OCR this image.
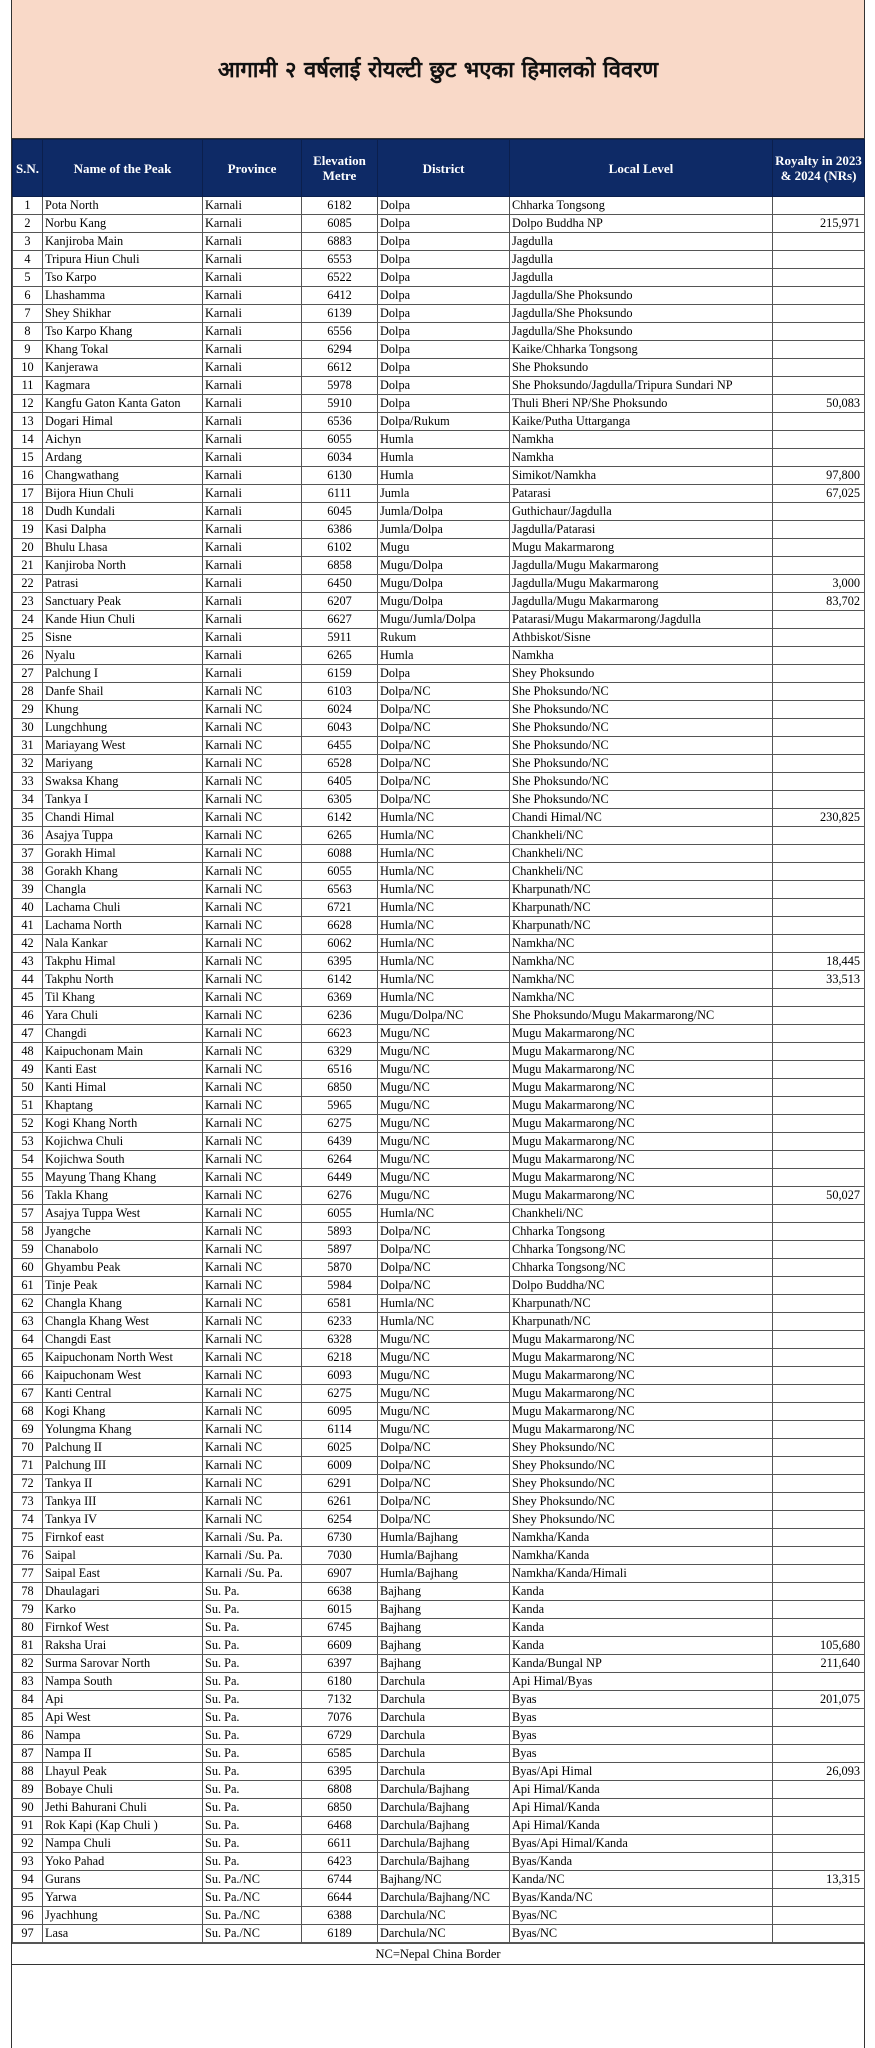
आगामी २ वर्षलाई रोयल्टी छुट भएका हिमालको विवरण
S.N.	Name of the Peak	Province	Elevation Metre	District	Local Level	Royalty in 2023 & 2024 (NRs)
1	Pota North	Karnali	6182	Dolpa	Chharka Tongsong	
2	Norbu Kang	Karnali	6085	Dolpa	Dolpo Buddha NP	215,971
3	Kanjiroba Main	Karnali	6883	Dolpa	Jagdulla	
4	Tripura Hiun Chuli	Karnali	6553	Dolpa	Jagdulla	
5	Tso Karpo	Karnali	6522	Dolpa	Jagdulla	
6	Lhashamma	Karnali	6412	Dolpa	Jagdulla/She Phoksundo	
7	Shey Shikhar	Karnali	6139	Dolpa	Jagdulla/She Phoksundo	
8	Tso Karpo Khang	Karnali	6556	Dolpa	Jagdulla/She Phoksundo	
9	Khang Tokal	Karnali	6294	Dolpa	Kaike/Chharka Tongsong	
10	Kanjerawa	Karnali	6612	Dolpa	She Phoksundo	
11	Kagmara	Karnali	5978	Dolpa	She Phoksundo/Jagdulla/Tripura Sundari NP	
12	Kangfu Gaton Kanta Gaton	Karnali	5910	Dolpa	Thuli Bheri NP/She Phoksundo	50,083
13	Dogari Himal	Karnali	6536	Dolpa/Rukum	Kaike/Putha Uttarganga	
14	Aichyn	Karnali	6055	Humla	Namkha	
15	Ardang	Karnali	6034	Humla	Namkha	
16	Changwathang	Karnali	6130	Humla	Simikot/Namkha	97,800
17	Bijora Hiun Chuli	Karnali	6111	Jumla	Patarasi	67,025
18	Dudh Kundali	Karnali	6045	Jumla/Dolpa	Guthichaur/Jagdulla	
19	Kasi Dalpha	Karnali	6386	Jumla/Dolpa	Jagdulla/Patarasi	
20	Bhulu Lhasa	Karnali	6102	Mugu	Mugu Makarmarong	
21	Kanjiroba North	Karnali	6858	Mugu/Dolpa	Jagdulla/Mugu Makarmarong	
22	Patrasi	Karnali	6450	Mugu/Dolpa	Jagdulla/Mugu Makarmarong	3,000
23	Sanctuary Peak	Karnali	6207	Mugu/Dolpa	Jagdulla/Mugu Makarmarong	83,702
24	Kande Hiun Chuli	Karnali	6627	Mugu/Jumla/Dolpa	Patarasi/Mugu Makarmarong/Jagdulla	
25	Sisne	Karnali	5911	Rukum	Athbiskot/Sisne	
26	Nyalu	Karnali	6265	Humla	Namkha	
27	Palchung I	Karnali	6159	Dolpa	Shey Phoksundo	
28	Danfe Shail	Karnali NC	6103	Dolpa/NC	She Phoksundo/NC	
29	Khung	Karnali NC	6024	Dolpa/NC	She Phoksundo/NC	
30	Lungchhung	Karnali NC	6043	Dolpa/NC	She Phoksundo/NC	
31	Mariayang West	Karnali NC	6455	Dolpa/NC	She Phoksundo/NC	
32	Mariyang	Karnali NC	6528	Dolpa/NC	She Phoksundo/NC	
33	Swaksa Khang	Karnali NC	6405	Dolpa/NC	She Phoksundo/NC	
34	Tankya I	Karnali NC	6305	Dolpa/NC	She Phoksundo/NC	
35	Chandi Himal	Karnali NC	6142	Humla/NC	Chandi Himal/NC	230,825
36	Asajya Tuppa	Karnali NC	6265	Humla/NC	Chankheli/NC	
37	Gorakh Himal	Karnali NC	6088	Humla/NC	Chankheli/NC	
38	Gorakh Khang	Karnali NC	6055	Humla/NC	Chankheli/NC	
39	Changla	Karnali NC	6563	Humla/NC	Kharpunath/NC	
40	Lachama Chuli	Karnali NC	6721	Humla/NC	Kharpunath/NC	
41	Lachama North	Karnali NC	6628	Humla/NC	Kharpunath/NC	
42	Nala Kankar	Karnali NC	6062	Humla/NC	Namkha/NC	
43	Takphu Himal	Karnali NC	6395	Humla/NC	Namkha/NC	18,445
44	Takphu North	Karnali NC	6142	Humla/NC	Namkha/NC	33,513
45	Til Khang	Karnali NC	6369	Humla/NC	Namkha/NC	
46	Yara Chuli	Karnali NC	6236	Mugu/Dolpa/NC	She Phoksundo/Mugu Makarmarong/NC	
47	Changdi	Karnali NC	6623	Mugu/NC	Mugu Makarmarong/NC	
48	Kaipuchonam Main	Karnali NC	6329	Mugu/NC	Mugu Makarmarong/NC	
49	Kanti East	Karnali NC	6516	Mugu/NC	Mugu Makarmarong/NC	
50	Kanti Himal	Karnali NC	6850	Mugu/NC	Mugu Makarmarong/NC	
51	Khaptang	Karnali NC	5965	Mugu/NC	Mugu Makarmarong/NC	
52	Kogi Khang North	Karnali NC	6275	Mugu/NC	Mugu Makarmarong/NC	
53	Kojichwa Chuli	Karnali NC	6439	Mugu/NC	Mugu Makarmarong/NC	
54	Kojichwa South	Karnali NC	6264	Mugu/NC	Mugu Makarmarong/NC	
55	Mayung Thang Khang	Karnali NC	6449	Mugu/NC	Mugu Makarmarong/NC	
56	Takla Khang	Karnali NC	6276	Mugu/NC	Mugu Makarmarong/NC	50,027
57	Asajya Tuppa West	Karnali NC	6055	Humla/NC	Chankheli/NC	
58	Jyangche	Karnali NC	5893	Dolpa/NC	Chharka Tongsong	
59	Chanabolo	Karnali NC	5897	Dolpa/NC	Chharka Tongsong/NC	
60	Ghyambu Peak	Karnali NC	5870	Dolpa/NC	Chharka Tongsong/NC	
61	Tinje Peak	Karnali NC	5984	Dolpa/NC	Dolpo Buddha/NC	
62	Changla Khang	Karnali NC	6581	Humla/NC	Kharpunath/NC	
63	Changla Khang West	Karnali NC	6233	Humla/NC	Kharpunath/NC	
64	Changdi East	Karnali NC	6328	Mugu/NC	Mugu Makarmarong/NC	
65	Kaipuchonam North West	Karnali NC	6218	Mugu/NC	Mugu Makarmarong/NC	
66	Kaipuchonam West	Karnali NC	6093	Mugu/NC	Mugu Makarmarong/NC	
67	Kanti Central	Karnali NC	6275	Mugu/NC	Mugu Makarmarong/NC	
68	Kogi Khang	Karnali NC	6095	Mugu/NC	Mugu Makarmarong/NC	
69	Yolungma Khang	Karnali NC	6114	Mugu/NC	Mugu Makarmarong/NC	
70	Palchung II	Karnali NC	6025	Dolpa/NC	Shey Phoksundo/NC	
71	Palchung III	Karnali NC	6009	Dolpa/NC	Shey Phoksundo/NC	
72	Tankya II	Karnali NC	6291	Dolpa/NC	Shey Phoksundo/NC	
73	Tankya III	Karnali NC	6261	Dolpa/NC	Shey Phoksundo/NC	
74	Tankya IV	Karnali NC	6254	Dolpa/NC	Shey Phoksundo/NC	
75	Firnkof east	Karnali /Su. Pa.	6730	Humla/Bajhang	Namkha/Kanda	
76	Saipal	Karnali /Su. Pa.	7030	Humla/Bajhang	Namkha/Kanda	
77	Saipal East	Karnali /Su. Pa.	6907	Humla/Bajhang	Namkha/Kanda/Himali	
78	Dhaulagari	Su. Pa.	6638	Bajhang	Kanda	
79	Karko	Su. Pa.	6015	Bajhang	Kanda	
80	Firnkof West	Su. Pa.	6745	Bajhang	Kanda	
81	Raksha Urai	Su. Pa.	6609	Bajhang	Kanda	105,680
82	Surma Sarovar North	Su. Pa.	6397	Bajhang	Kanda/Bungal NP	211,640
83	Nampa South	Su. Pa.	6180	Darchula	Api Himal/Byas	
84	Api	Su. Pa.	7132	Darchula	Byas	201,075
85	Api West	Su. Pa.	7076	Darchula	Byas	
86	Nampa	Su. Pa.	6729	Darchula	Byas	
87	Nampa II	Su. Pa.	6585	Darchula	Byas	
88	Lhayul Peak	Su. Pa.	6395	Darchula	Byas/Api Himal	26,093
89	Bobaye Chuli	Su. Pa.	6808	Darchula/Bajhang	Api Himal/Kanda	
90	Jethi Bahurani Chuli	Su. Pa.	6850	Darchula/Bajhang	Api Himal/Kanda	
91	Rok Kapi (Kap Chuli )	Su. Pa.	6468	Darchula/Bajhang	Api Himal/Kanda	
92	Nampa Chuli	Su. Pa.	6611	Darchula/Bajhang	Byas/Api Himal/Kanda	
93	Yoko Pahad	Su. Pa.	6423	Darchula/Bajhang	Byas/Kanda	
94	Gurans	Su. Pa./NC	6744	Bajhang/NC	Kanda/NC	13,315
95	Yarwa	Su. Pa./NC	6644	Darchula/Bajhang/NC	Byas/Kanda/NC	
96	Jyachhung	Su. Pa./NC	6388	Darchula/NC	Byas/NC	
97	Lasa	Su. Pa./NC	6189	Darchula/NC	Byas/NC	
NC=Nepal China Border
